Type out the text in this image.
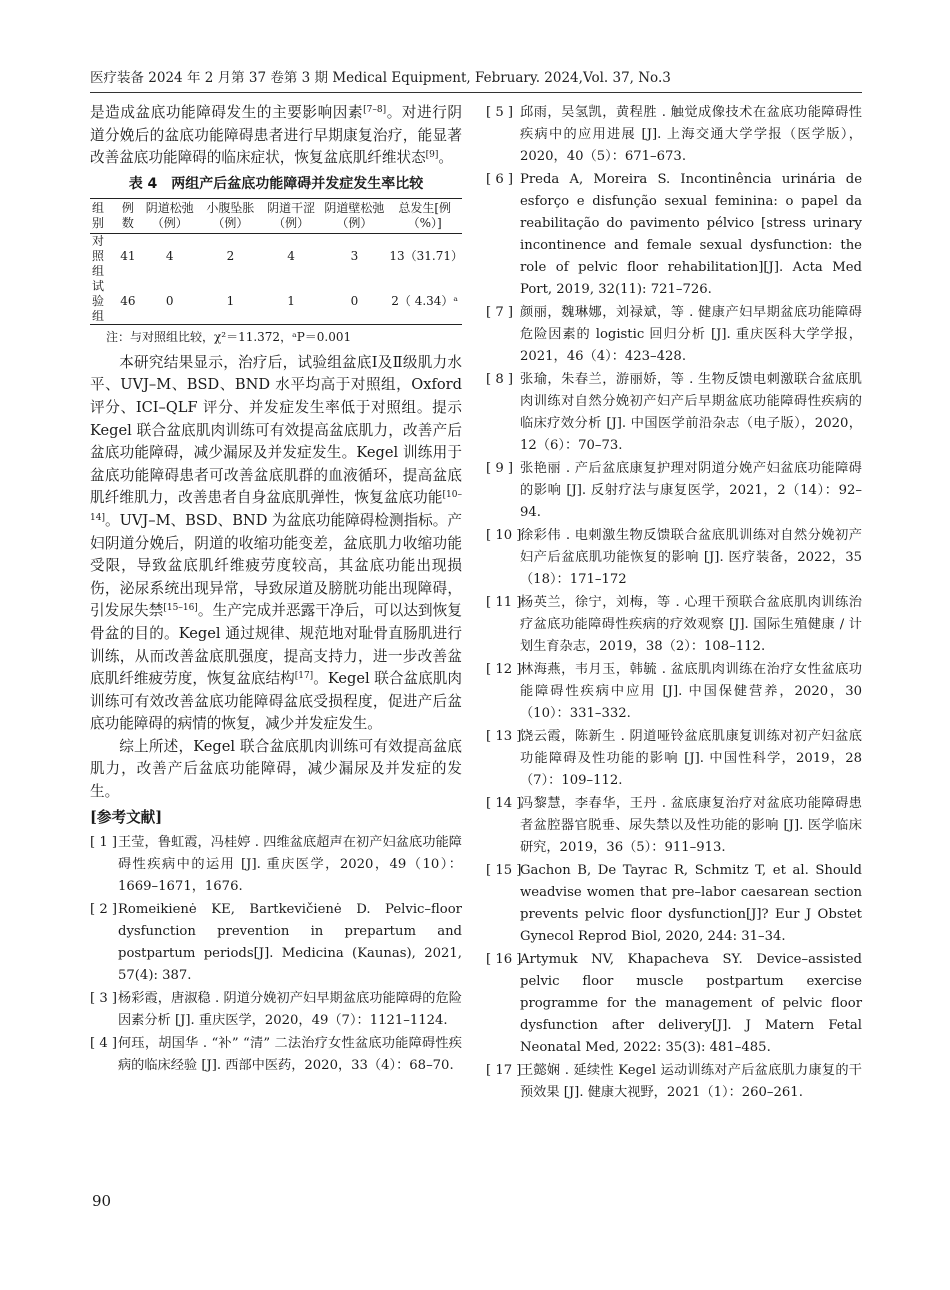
医疗装备 2024 年 2 月第 37 卷第 3 期 Medical Equipment, February. 2024,Vol. 37, No.3

是造成盆底功能障碍发生的主要影响因素[7–8]。对进行阴道分娩后的盆底功能障碍患者进行早期康复治疗，能显著改善盆底功能障碍的临床症状，恢复盆底肌纤维状态[9]。

表 4　两组产后盆底功能障碍并发症发生率比较
组别	例数	阴道松弛（例）	小腹坠胀（例）	阴道干涩（例）	阴道壁松弛（例）	总发生[例（%）]
对照组	41	4	2	4	3	13（31.71）
试验组	46	0	1	1	0	2（ 4.34）ᵃ
注：与对照组比较，χ²＝11.372，ᵃP＝0.001

本研究结果显示，治疗后，试验组盆底Ⅰ及Ⅱ级肌力水平、UVJ–M、BSD、BND 水平均高于对照组，Oxford 评分、ICI–QLF 评分、并发症发生率低于对照组。提示 Kegel 联合盆底肌肉训练可有效提高盆底肌力，改善产后盆底功能障碍，减少漏尿及并发症发生。Kegel 训练用于盆底功能障碍患者可改善盆底肌群的血液循环，提高盆底肌纤维肌力，改善患者自身盆底肌弹性，恢复盆底功能[10–14]。UVJ–M、BSD、BND 为盆底功能障碍检测指标。产妇阴道分娩后，阴道的收缩功能变差，盆底肌力收缩功能受限，导致盆底肌纤维疲劳度较高，其盆底功能出现损伤，泌尿系统出现异常，导致尿道及膀胱功能出现障碍，引发尿失禁[15–16]。生产完成并恶露干净后，可以达到恢复骨盆的目的。Kegel 通过规律、规范地对耻骨直肠肌进行训练，从而改善盆底肌强度，提高支持力，进一步改善盆底肌纤维疲劳度，恢复盆底结构[17]。Kegel 联合盆底肌肉训练可有效改善盆底功能障碍盆底受损程度，促进产后盆底功能障碍的病情的恢复，减少并发症发生。

综上所述，Kegel 联合盆底肌肉训练可有效提高盆底肌力，改善产后盆底功能障碍，减少漏尿及并发症的发生。

[参考文献]
[ 1 ] 王莹，鲁虹霞，冯桂婷 . 四维盆底超声在初产妇盆底功能障碍性疾病中的运用 [J]. 重庆医学，2020，49（10）：1669–1671，1676.
[ 2 ] Romeikienė KE, Bartkevičienė D. Pelvic–floor dysfunction prevention in prepartum and postpartum periods[J]. Medicina (Kaunas), 2021, 57(4): 387.
[ 3 ] 杨彩霞，唐淑稳 . 阴道分娩初产妇早期盆底功能障碍的危险因素分析 [J]. 重庆医学，2020，49（7）：1121–1124.
[ 4 ] 何珏，胡国华 . “补” “清” 二法治疗女性盆底功能障碍性疾病的临床经验 [J]. 西部中医药，2020，33（4）：68–70.
[ 5 ] 邱雨，吴氢凯，黄程胜 . 触觉成像技术在盆底功能障碍性疾病中的应用进展 [J]. 上海交通大学学报（医学版），2020，40（5）：671–673.
[ 6 ] Preda A, Moreira S. Incontinência urinária de esforço e disfunção sexual feminina: o papel da reabilitação do pavimento pélvico [stress urinary incontinence and female sexual dysfunction: the role of pelvic floor rehabilitation][J]. Acta Med Port, 2019, 32(11): 721–726.
[ 7 ] 颜丽，魏琳娜，刘禄斌，等 . 健康产妇早期盆底功能障碍危险因素的 logistic 回归分析 [J]. 重庆医科大学学报，2021，46（4）：423–428.
[ 8 ] 张瑜，朱春兰，游丽娇，等 . 生物反馈电刺激联合盆底肌肉训练对自然分娩初产妇产后早期盆底功能障碍性疾病的临床疗效分析 [J]. 中国医学前沿杂志（电子版），2020，12（6）：70–73.
[ 9 ] 张艳丽 . 产后盆底康复护理对阴道分娩产妇盆底功能障碍的影响 [J]. 反射疗法与康复医学，2021，2（14）：92–94.
[ 10 ]
徐彩伟 . 电刺激生物反馈联合盆底肌训练对自然分娩初产妇产后盆底肌功能恢复的影响 [J]. 医疗装备，2022，35（18）：171–172
[ 11 ]
杨英兰，徐宁，刘梅，等 . 心理干预联合盆底肌肉训练治疗盆底功能障碍性疾病的疗效观察 [J]. 国际生殖健康 / 计划生育杂志，2019，38（2）：108–112.
[ 12 ]
林海燕，韦月玉，韩毓 . 盆底肌肉训练在治疗女性盆底功能障碍性疾病中应用 [J]. 中国保健营养，2020，30（10）：331–332.
[ 13 ]
饶云霞，陈新生 . 阴道哑铃盆底肌康复训练对初产妇盆底功能障碍及性功能的影响 [J]. 中国性科学，2019，28（7）：109–112.
[ 14 ]
冯黎慧，李春华，王丹 . 盆底康复治疗对盆底功能障碍患者盆腔器官脱垂、尿失禁以及性功能的影响 [J]. 医学临床研究，2019，36（5）：911–913.
[ 15 ]
Gachon B, De Tayrac R, Schmitz T, et al. Should weadvise women that pre–labor caesarean section prevents pelvic floor dysfunction[J]? Eur J Obstet Gynecol Reprod Biol, 2020, 244: 31–34.
[ 16 ]
Artymuk NV, Khapacheva SY. Device–assisted pelvic floor muscle postpartum exercise programme for the management of pelvic floor dysfunction after delivery[J]. J Matern Fetal Neonatal Med, 2022: 35(3): 481–485.
[ 17 ]
王懿娴 . 延续性 Kegel 运动训练对产后盆底肌力康复的干预效果 [J]. 健康大视野，2021（1）：260–261.
90
